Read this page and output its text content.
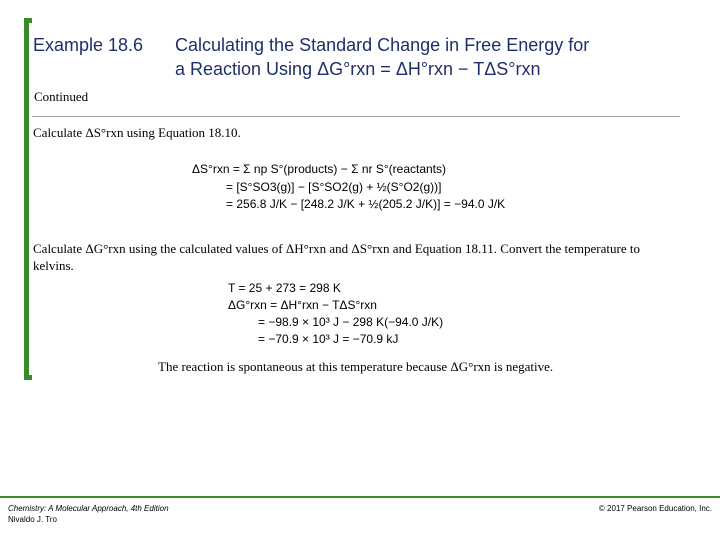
Example 18.6 Calculating the Standard Change in Free Energy for
a Reaction Using ΔG°rxn = ΔH°rxn − TΔS°rxn
Continued
Calculate ΔS°rxn using Equation 18.10.
ΔS°rxn = Σ np S°(products) − Σ nr S°(reactants)
= [S°SO3(g)] − [S°SO2(g) + ½(S°O2(g))]
= 256.8 J/K − [248.2 J/K + ½(205.2 J/K)] = −94.0 J/K
Calculate ΔG°rxn using the calculated values of ΔH°rxn and ΔS°rxn and Equation 18.11. Convert the temperature to kelvins.
T = 25 + 273 = 298 K
ΔG°rxn = ΔH°rxn − TΔS°rxn
= −98.9 × 10³ J − 298 K(−94.0 J/K)
= −70.9 × 10³ J = −70.9 kJ
The reaction is spontaneous at this temperature because ΔG°rxn is negative.
Chemistry: A Molecular Approach, 4th Edition
Nivaldo J. Tro
© 2017 Pearson Education, Inc.
